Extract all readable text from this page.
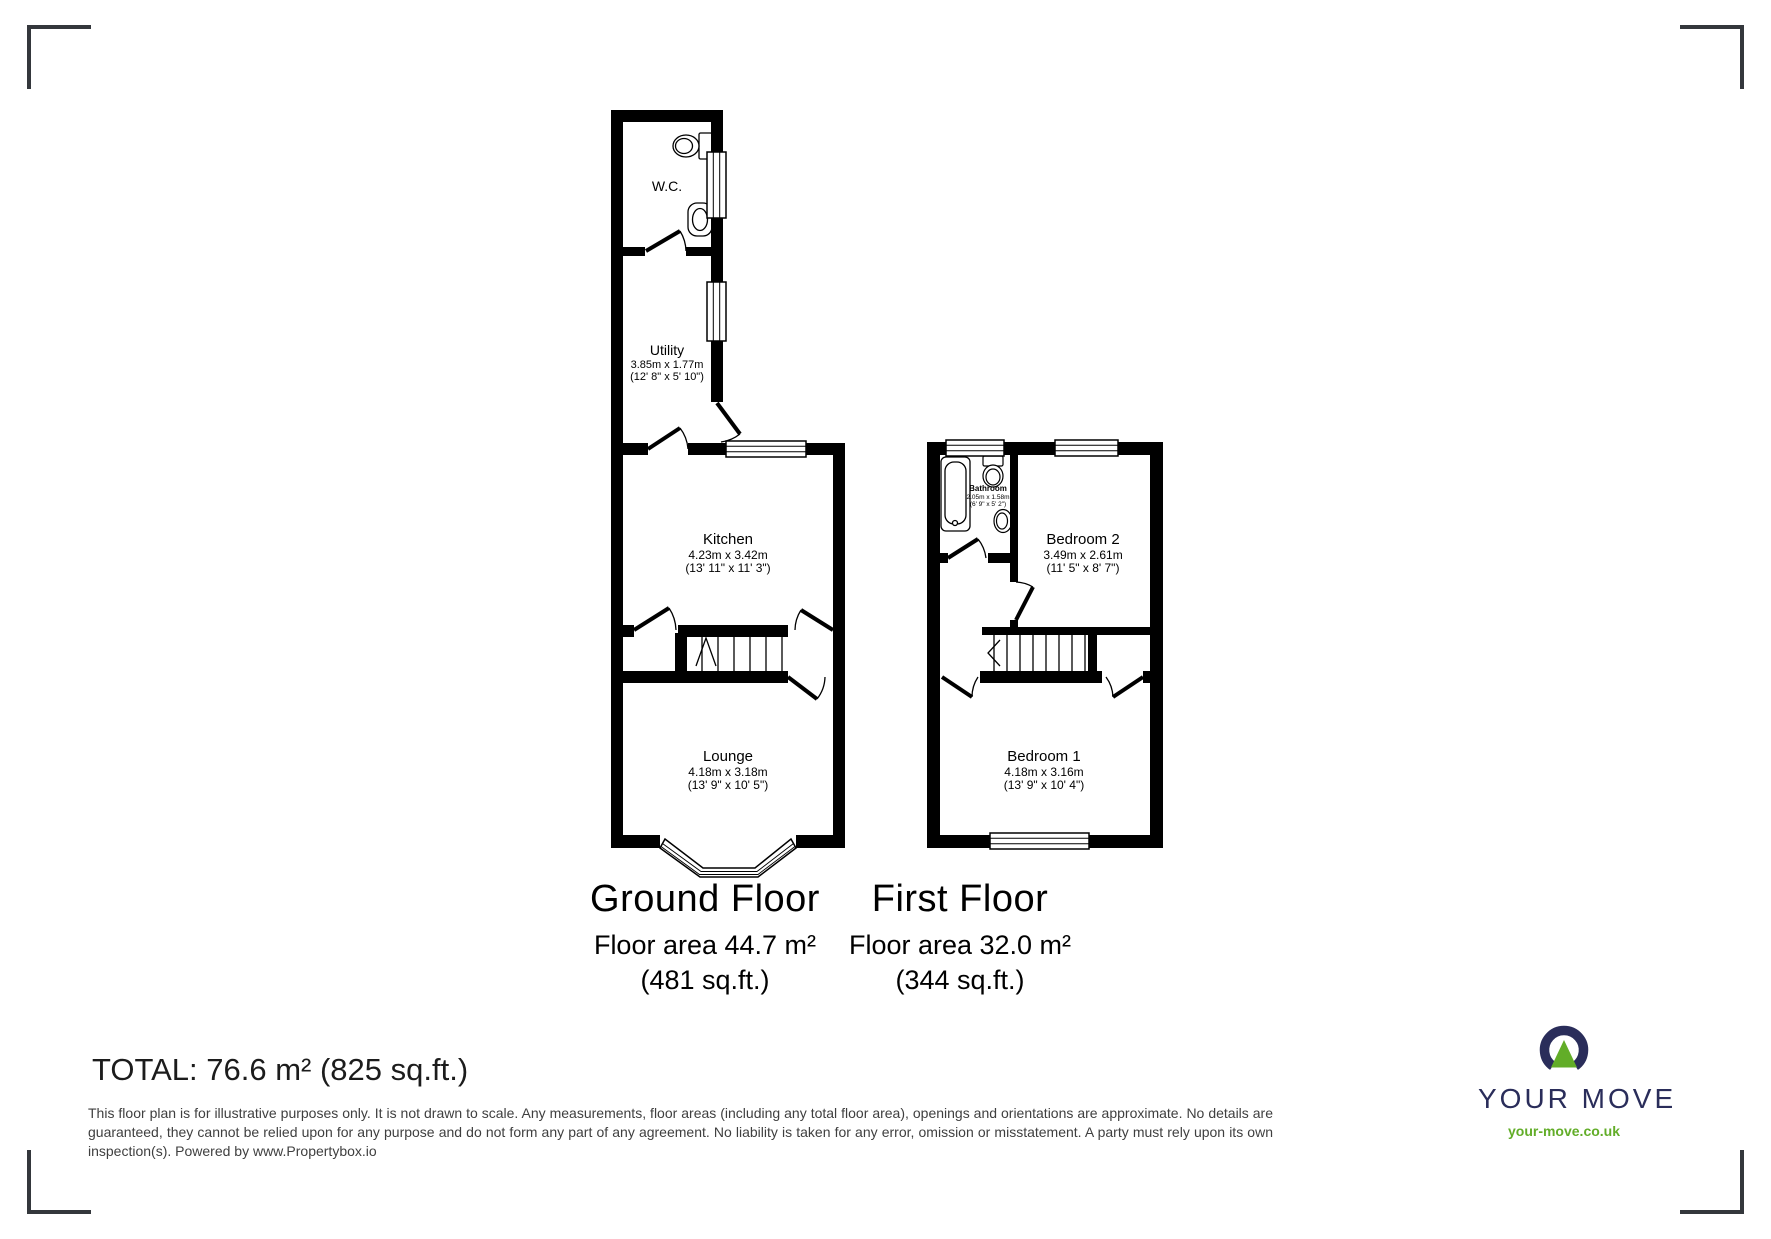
W.C.
Utility
3.85m x 1.77m
(12' 8" x 5' 10")
Kitchen
4.23m x 3.42m
(13' 11" x 11' 3")
Lounge
4.18m x 3.18m
(13' 9" x 10' 5")
Bathroom
2.05m x 1.58m
(6' 9" x 5' 2")
Bedroom 2
3.49m x 2.61m
(11' 5" x 8' 7")
Bedroom 1
4.18m x 3.16m
(13' 9" x 10' 4")
Ground Floor
Floor area 44.7 m²
(481 sq.ft.)
First Floor
Floor area 32.0 m²
(344 sq.ft.)
TOTAL: 76.6 m² (825 sq.ft.)
This floor plan is for illustrative purposes only. It is not drawn to scale. Any measurements, floor areas (including any total floor area), openings and orientations are approximate. No details are guaranteed, they cannot be relied upon for any purpose and do not form any part of any agreement. No liability is taken for any error, omission or misstatement. A party must rely upon its own inspection(s). Powered by www.Propertybox.io
YOUR MOVE
your-move.co.uk
